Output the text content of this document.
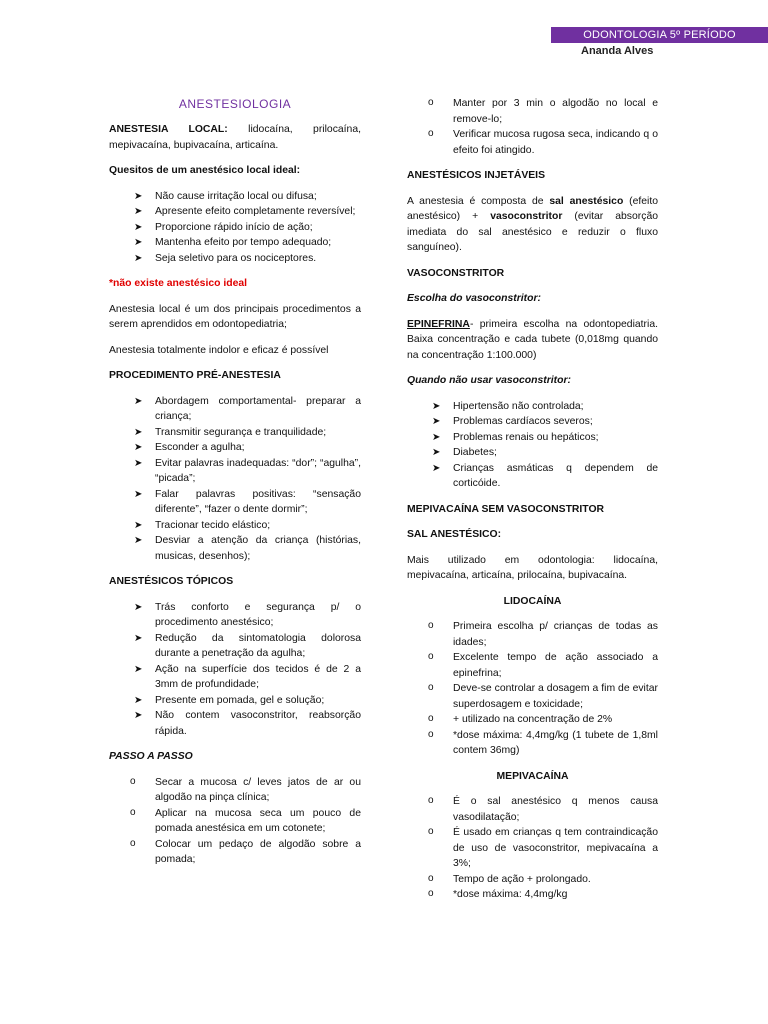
ODONTOLOGIA 5º PERÍODO
Ananda Alves
ANESTESIOLOGIA

ANESTESIA LOCAL: lidocaína, prilocaína, mepivacaína, bupivacaína, articaína.

Quesitos de um anestésico local ideal:
➤ Não cause irritação local ou difusa;
➤ Apresente efeito completamente reversível;
➤ Proporcione rápido início de ação;
➤ Mantenha efeito por tempo adequado;
➤ Seja seletivo para os nociceptores.
*não existe anestésico ideal

Anestesia local é um dos principais procedimentos a serem aprendidos em odontopediatria;

Anestesia totalmente indolor e eficaz é possível

PROCEDIMENTO PRÉ-ANESTESIA
➤ Abordagem comportamental- preparar a criança;
➤ Transmitir segurança e tranquilidade;
➤ Esconder a agulha;
➤ Evitar palavras inadequadas: “dor”; “agulha”, “picada”;
➤ Falar palavras positivas: “sensação diferente”, “fazer o dente dormir”;
➤ Tracionar tecido elástico;
➤ Desviar a atenção da criança (histórias, musicas, desenhos);
ANESTÉSICOS TÓPICOS
➤ Trás conforto e segurança p/ o procedimento anestésico;
➤ Redução da sintomatologia dolorosa durante a penetração da agulha;
➤ Ação na superfície dos tecidos é de 2 a 3mm de profundidade;
➤ Presente em pomada, gel e solução;
➤ Não contem vasoconstritor, reabsorção rápida.
PASSO A PASSO
o Secar a mucosa c/ leves jatos de ar ou algodão na pinça clínica;
o Aplicar na mucosa seca um pouco de pomada anestésica em um cotonete;
o Colocar um pedaço de algodão sobre a pomada;
o Manter por 3 min o algodão no local e remove-lo;
o Verificar mucosa rugosa seca, indicando q o efeito foi atingido.
ANESTÉSICOS INJETÁVEIS

A anestesia é composta de sal anestésico (efeito anestésico) + vasoconstritor (evitar absorção imediata do sal anestésico e reduzir o fluxo sanguíneo).

VASOCONSTRITOR
Escolha do vasoconstritor:

EPINEFRINA- primeira escolha na odontopediatria. Baixa concentração e cada tubete (0,018mg quando na concentração 1:100.000)

Quando não usar vasoconstritor:
➤ Hipertensão não controlada;
➤ Problemas cardíacos severos;
➤ Problemas renais ou hepáticos;
➤ Diabetes;
➤ Crianças asmáticas q dependem de corticóide.
MEPIVACAÍNA SEM VASOCONSTRITOR
SAL ANESTÉSICO:

Mais utilizado em odontologia: lidocaína, mepivacaína, articaína, prilocaína, bupivacaína.

LIDOCAÍNA
o Primeira escolha p/ crianças de todas as idades;
o Excelente tempo de ação associado a epinefrina;
o Deve-se controlar a dosagem a fim de evitar superdosagem e toxicidade;
o + utilizado na concentração de 2%
o *dose máxima: 4,4mg/kg (1 tubete de 1,8ml contem 36mg)
MEPIVACAÍNA
o É o sal anestésico q menos causa vasodilatação;
o É usado em crianças q tem contraindicação de uso de vasoconstritor, mepivacaína a 3%;
o Tempo de ação + prolongado.
o *dose máxima: 4,4mg/kg
